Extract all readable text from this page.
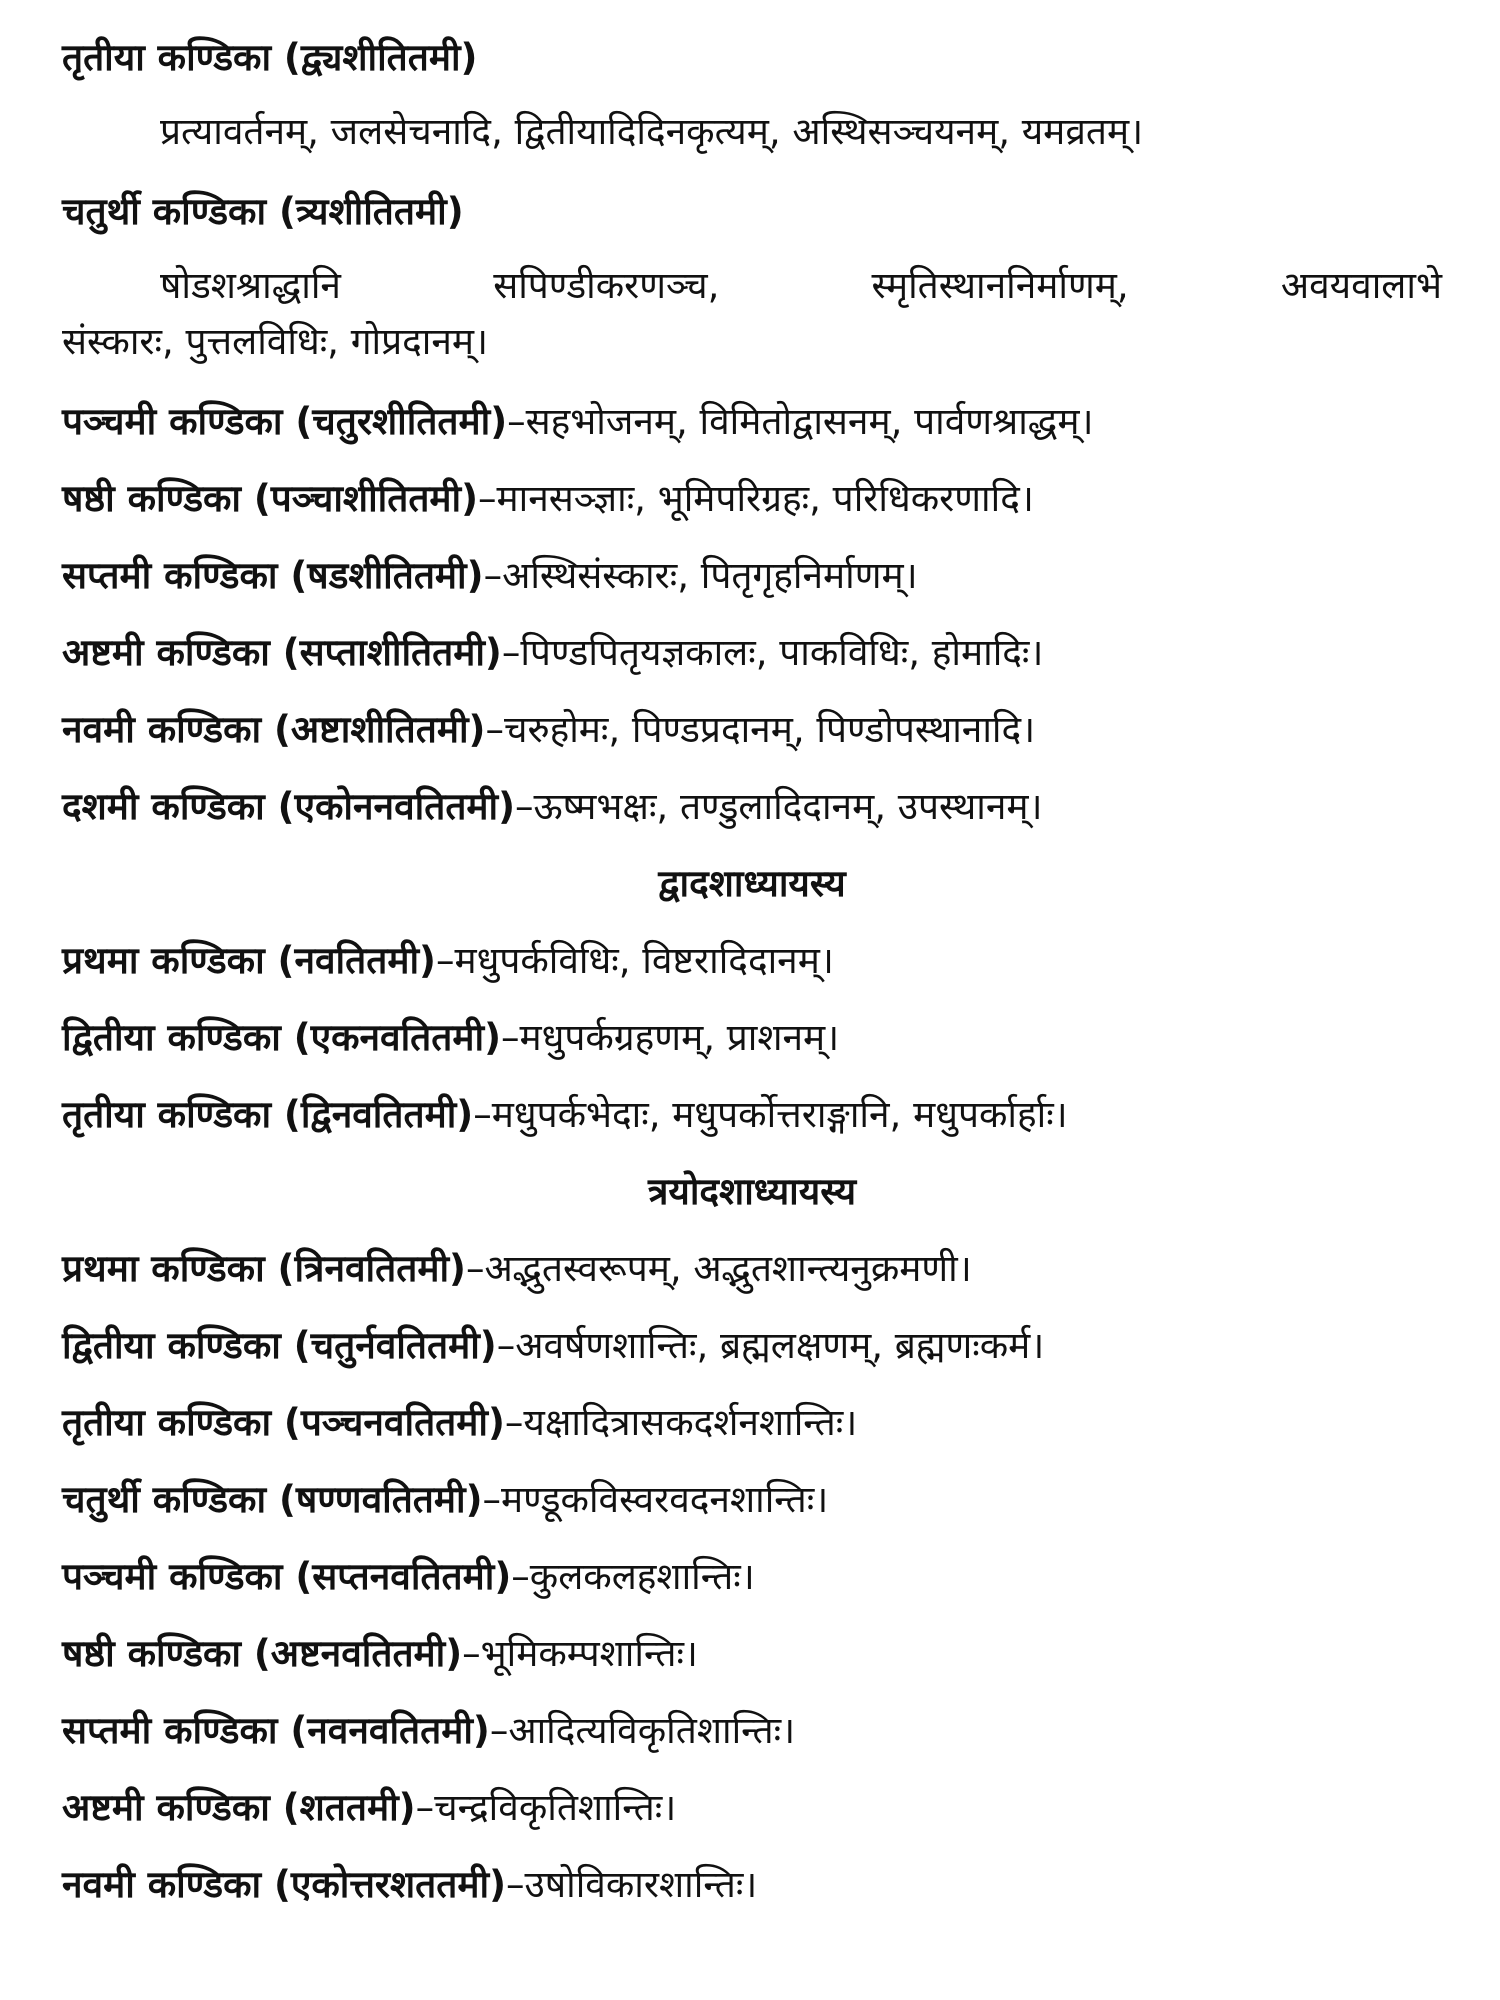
तृतीया कण्डिका (द्व्यशीतितमी)
प्रत्यावर्तनम्, जलसेचनादि, द्वितीयादिदिनकृत्यम्, अस्थिसञ्चयनम्, यमव्रतम्।
चतुर्थी कण्डिका (त्र्यशीतितमी)
षोडशश्राद्धानि	सपिण्डीकरणञ्च,	स्मृतिस्थाननिर्माणम्,	अवयवालाभे
संस्कारः, पुत्तलविधिः, गोप्रदानम्।
पञ्चमी कण्डिका (चतुरशीतितमी)–सहभोजनम्, विमितोद्वासनम्, पार्वणश्राद्धम्।
षष्ठी कण्डिका (पञ्चाशीतितमी)–मानसञ्ज्ञाः, भूमिपरिग्रहः, परिधिकरणादि।
सप्तमी कण्डिका (षडशीतितमी)–अस्थिसंस्कारः, पितृगृहनिर्माणम्।
अष्टमी कण्डिका (सप्ताशीतितमी)–पिण्डपितृयज्ञकालः, पाकविधिः, होमादिः।
नवमी कण्डिका (अष्टाशीतितमी)–चरुहोमः, पिण्डप्रदानम्, पिण्डोपस्थानादि।
दशमी कण्डिका (एकोननवतितमी)–ऊष्मभक्षः, तण्डुलादिदानम्, उपस्थानम्।
द्वादशाध्यायस्य
प्रथमा कण्डिका (नवतितमी)–मधुपर्कविधिः, विष्टरादिदानम्।
द्वितीया कण्डिका (एकनवतितमी)–मधुपर्कग्रहणम्, प्राशनम्।
तृतीया कण्डिका (द्विनवतितमी)–मधुपर्कभेदाः, मधुपर्कोत्तराङ्गानि, मधुपर्कार्हाः।
त्रयोदशाध्यायस्य
प्रथमा कण्डिका (त्रिनवतितमी)–अद्भुतस्वरूपम्, अद्भुतशान्त्यनुक्रमणी।
द्वितीया कण्डिका (चतुर्नवतितमी)–अवर्षणशान्तिः, ब्रह्मलक्षणम्, ब्रह्मणःकर्म।
तृतीया कण्डिका (पञ्चनवतितमी)–यक्षादित्रासकदर्शनशान्तिः।
चतुर्थी कण्डिका (षण्णवतितमी)–मण्डूकविस्वरवदनशान्तिः।
पञ्चमी कण्डिका (सप्तनवतितमी)–कुलकलहशान्तिः।
षष्ठी कण्डिका (अष्टनवतितमी)–भूमिकम्पशान्तिः।
सप्तमी कण्डिका (नवनवतितमी)–आदित्यविकृतिशान्तिः।
अष्टमी कण्डिका (शततमी)–चन्द्रविकृतिशान्तिः।
नवमी कण्डिका (एकोत्तरशततमी)–उषोविकारशान्तिः।
